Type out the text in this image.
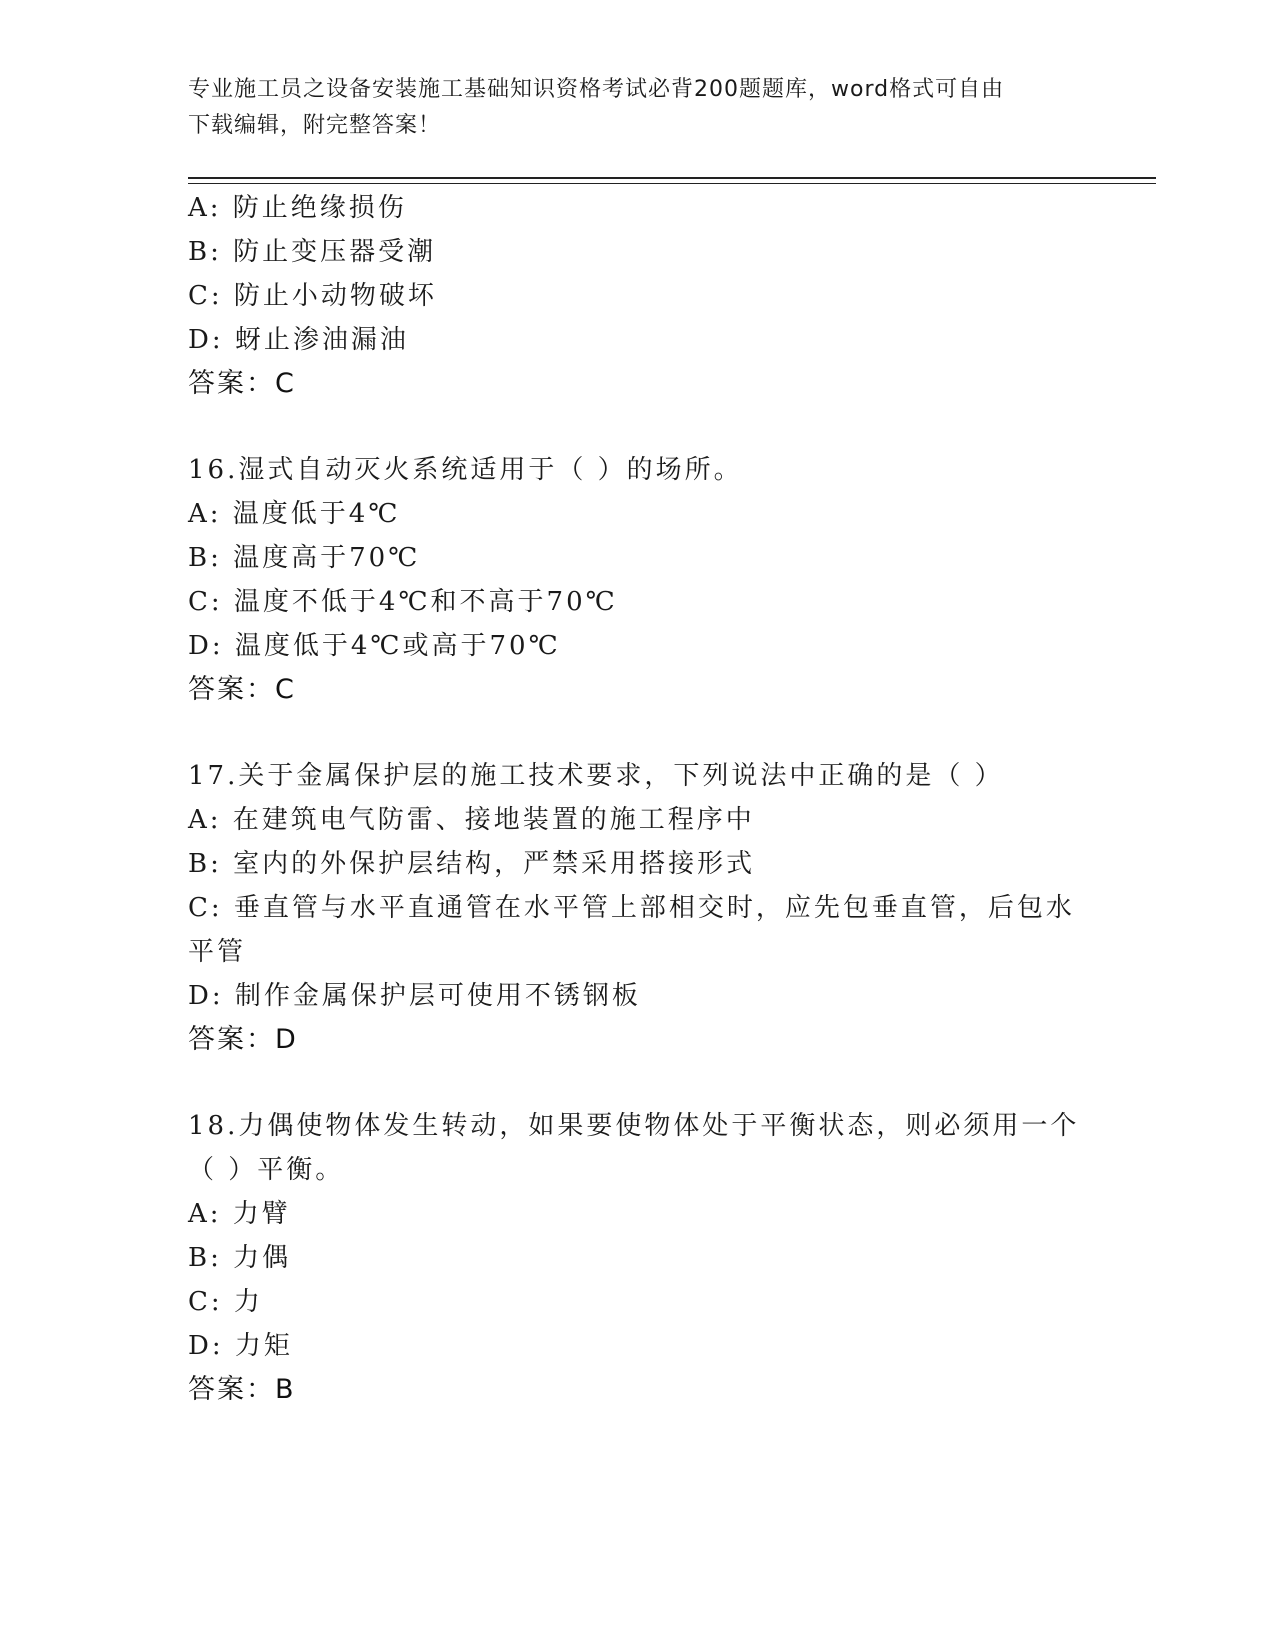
专业施工员之设备安装施工基础知识资格考试必背200题题库，word格式可自由
下载编辑，附完整答案！
A: 防止绝缘损伤
B: 防止变压器受潮
C: 防止小动物破坏
D: 蚜止渗油漏油
答案：C
16.湿式自动灭火系统适用于（ ）的场所。
A: 温度低于4℃
B: 温度高于70℃
C: 温度不低于4℃和不高于70℃
D: 温度低于4℃或高于70℃
答案：C
17.关于金属保护层的施工技术要求，下列说法中正确的是（ ）
A: 在建筑电气防雷、接地装置的施工程序中
B: 室内的外保护层结构，严禁采用搭接形式
C: 垂直管与水平直通管在水平管上部相交时，应先包垂直管，后包水
平管
D: 制作金属保护层可使用不锈钢板
答案：D
18.力偶使物体发生转动，如果要使物体处于平衡状态，则必须用一个
（ ）平衡。
A: 力臂
B: 力偶
C: 力
D: 力矩
答案：B
